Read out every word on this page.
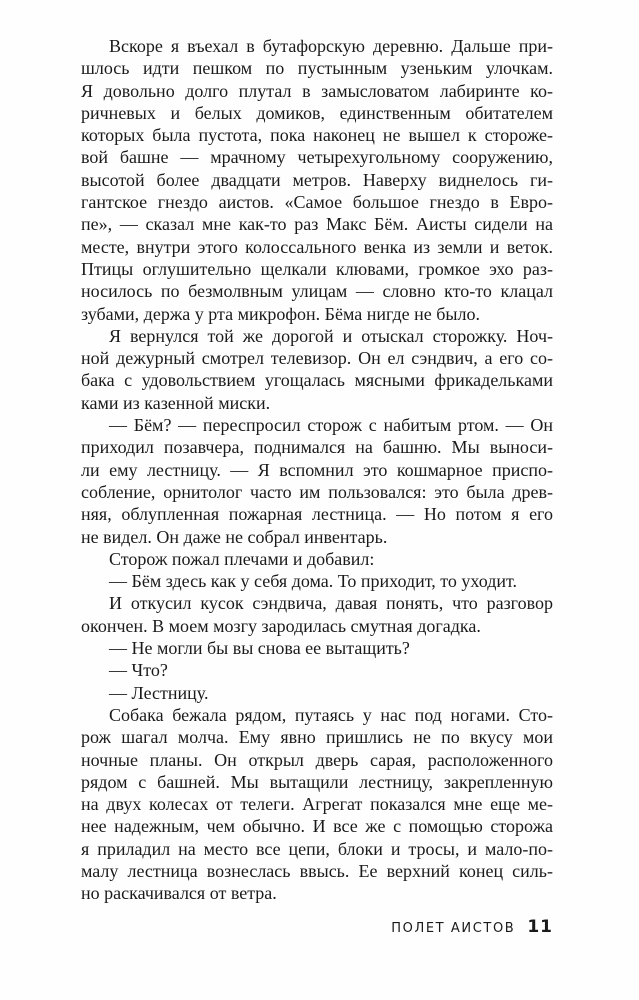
Вскоре я въехал в бутафорскую деревню. Дальше при-
шлось идти пешком по пустынным узеньким улочкам.
Я довольно долго плутал в замысловатом лабиринте ко-
ричневых и белых домиков, единственным обитателем
которых была пустота, пока наконец не вышел к стороже-
вой башне — мрачному четырехугольному сооружению,
высотой более двадцати метров. Наверху виднелось ги-
гантское гнездо аистов. «Самое большое гнездо в Евро-
пе», — сказал мне как-то раз Макс Бём. Аисты сидели на
месте, внутри этого колоссального венка из земли и веток.
Птицы оглушительно щелкали клювами, громкое эхо раз-
носилось по безмолвным улицам — словно кто-то клацал
зубами, держа у рта микрофон. Бёма нигде не было.
Я вернулся той же дорогой и отыскал сторожку. Ноч-
ной дежурный смотрел телевизор. Он ел сэндвич, а его со-
бака с удовольствием угощалась мясными фрикадельками
ками из казенной миски.
— Бём? — переспросил сторож с набитым ртом. — Он
приходил позавчера, поднимался на башню. Мы выноси-
ли ему лестницу. — Я вспомнил это кошмарное приспо-
собление, орнитолог часто им пользовался: это была древ-
няя, облупленная пожарная лестница. — Но потом я его
не видел. Он даже не собрал инвентарь.
Сторож пожал плечами и добавил:
— Бём здесь как у себя дома. То приходит, то уходит.
И откусил кусок сэндвича, давая понять, что разговор
окончен. В моем мозгу зародилась смутная догадка.
— Не могли бы вы снова ее вытащить?
— Что?
— Лестницу.
Собака бежала рядом, путаясь у нас под ногами. Сто-
рож шагал молча. Ему явно пришлись не по вкусу мои
ночные планы. Он открыл дверь сарая, расположенного
рядом с башней. Мы вытащили лестницу, закрепленную
на двух колесах от телеги. Агрегат показался мне еще ме-
нее надежным, чем обычно. И все же с помощью сторожа
я приладил на место все цепи, блоки и тросы, и мало-по-
малу лестница вознеслась ввысь. Ее верхний конец силь-
но раскачивался от ветра.
ПОЛЕТ АИСТОВ 11
